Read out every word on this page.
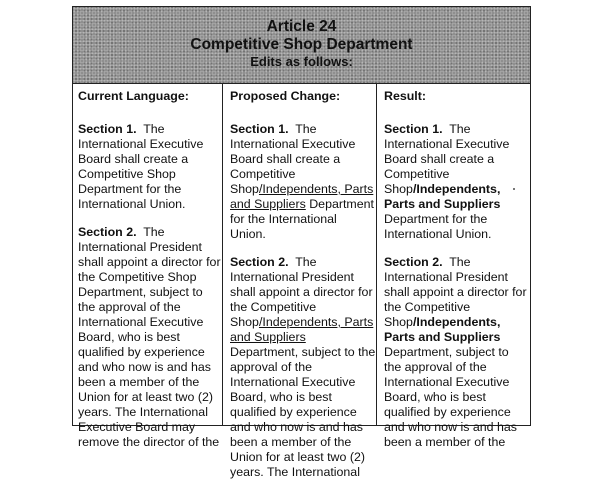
Article 24
Competitive Shop Department
Edits as follows:
Current Language:
Section 1. The International Executive Board shall create a Competitive Shop Department for the International Union.
Section 2. The International President shall appoint a director for the Competitive Shop Department, subject to the approval of the International Executive Board, who is best qualified by experience and who now is and has been a member of the Union for at least two (2) years. The International Executive Board may remove the director of the
Proposed Change:
Section 1. The International Executive Board shall create a Competitive Shop/Independents, Parts and Suppliers Department for the International Union.
Section 2. The International President shall appoint a director for the Competitive Shop/Independents, Parts and Suppliers Department, subject to the approval of the International Executive Board, who is best qualified by experience and who now is and has been a member of the Union for at least two (2) years. The International
Result:
Section 1. The International Executive Board shall create a Competitive Shop/Independents, Parts and Suppliers Department for the International Union.
Section 2. The International President shall appoint a director for the Competitive Shop/Independents, Parts and Suppliers Department, subject to the approval of the International Executive Board, who is best qualified by experience and who now is and has been a member of the
